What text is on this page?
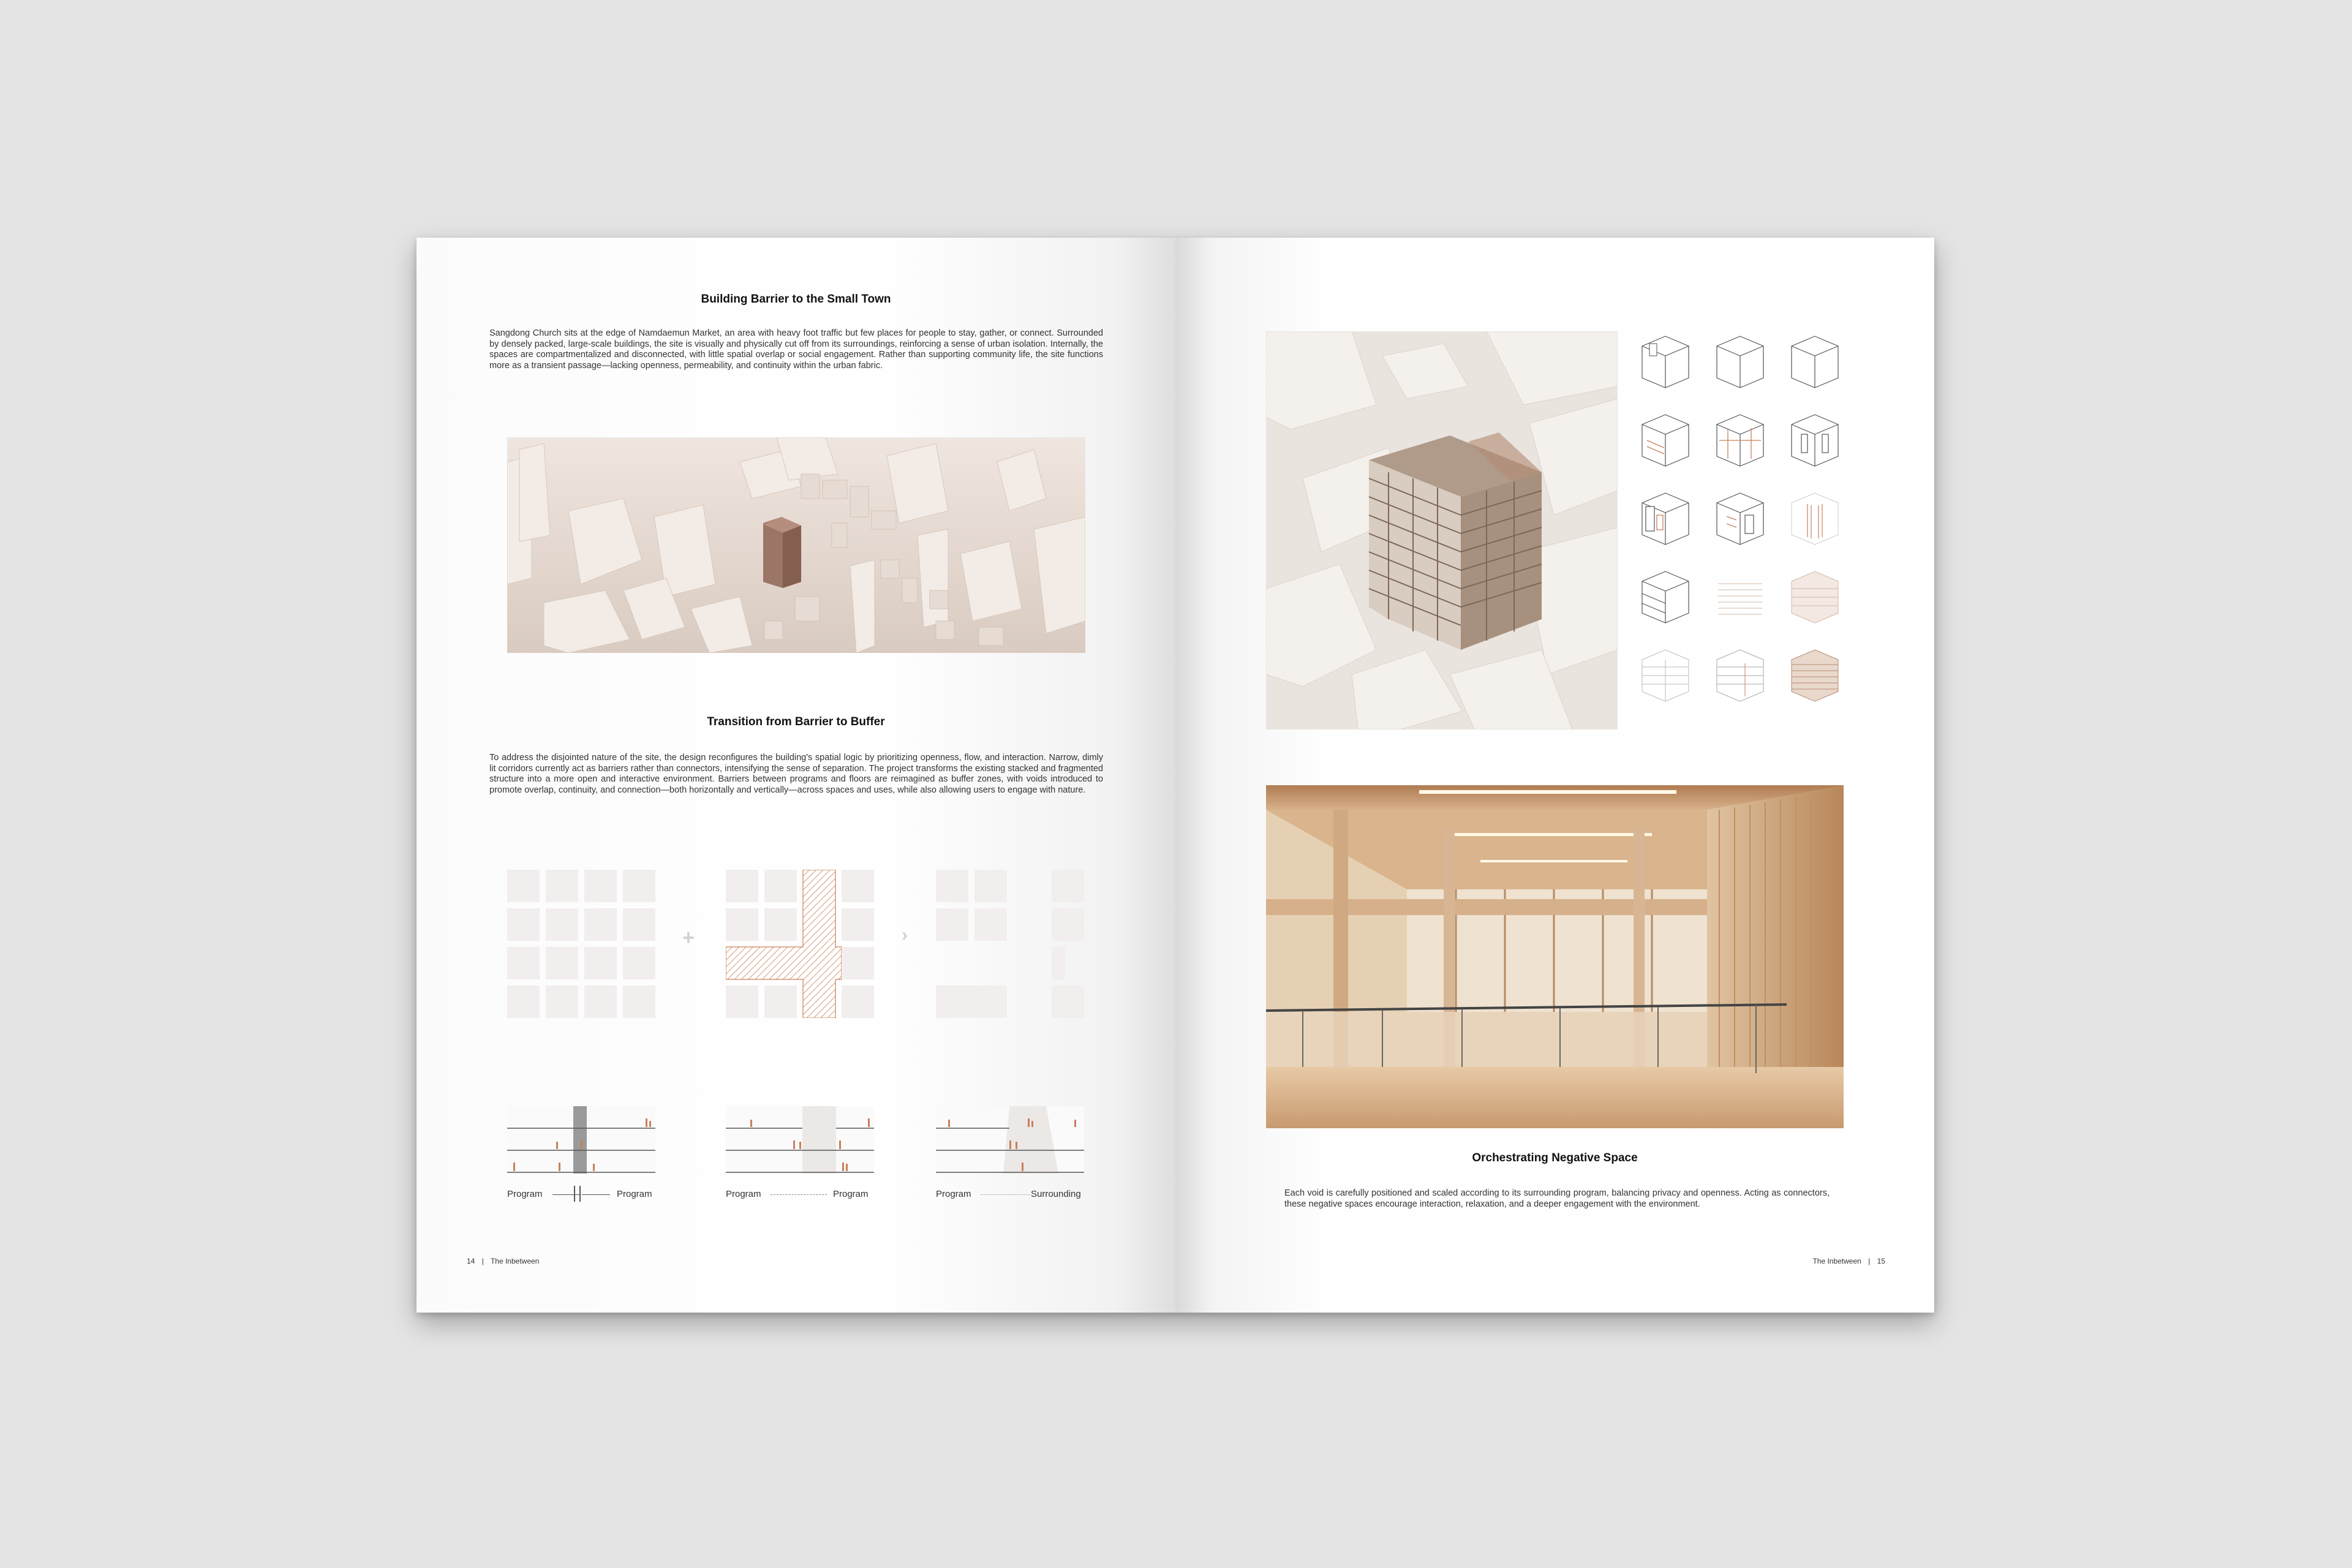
Building Barrier to the Small Town
Sangdong Church sits at the edge of Namdaemun Market, an area with heavy foot traffic but few places for people to stay, gather, or connect. Surrounded by densely packed, large-scale buildings, the site is visually and physically cut off from its surroundings, reinforcing a sense of urban isolation. Internally, the spaces are compartmentalized and disconnected, with little spatial overlap or social engagement. Rather than supporting community life, the site functions more as a transient passage—lacking openness, permeability, and continuity within the urban fabric.
Transition from Barrier to Buffer
To address the disjointed nature of the site, the design reconfigures the building's spatial logic by prioritizing openness, flow, and interaction. Narrow, dimly lit corridors currently act as barriers rather than connectors, intensifying the sense of separation. The project transforms the existing stacked and fragmented structure into a more open and interactive environment. Barriers between programs and floors are reimagined as buffer zones, with voids introduced to promote overlap, continuity, and connection—both horizontally and vertically—across spaces and uses, while also allowing users to engage with nature.
+	›
Program	Program	Program	Program	Program	Surrounding
14 | The Inbetween
Orchestrating Negative Space
Each void is carefully positioned and scaled according to its surrounding program, balancing privacy and openness. Acting as connectors, these negative spaces encourage interaction, relaxation, and a deeper engagement with the environment.
The Inbetween | 15
